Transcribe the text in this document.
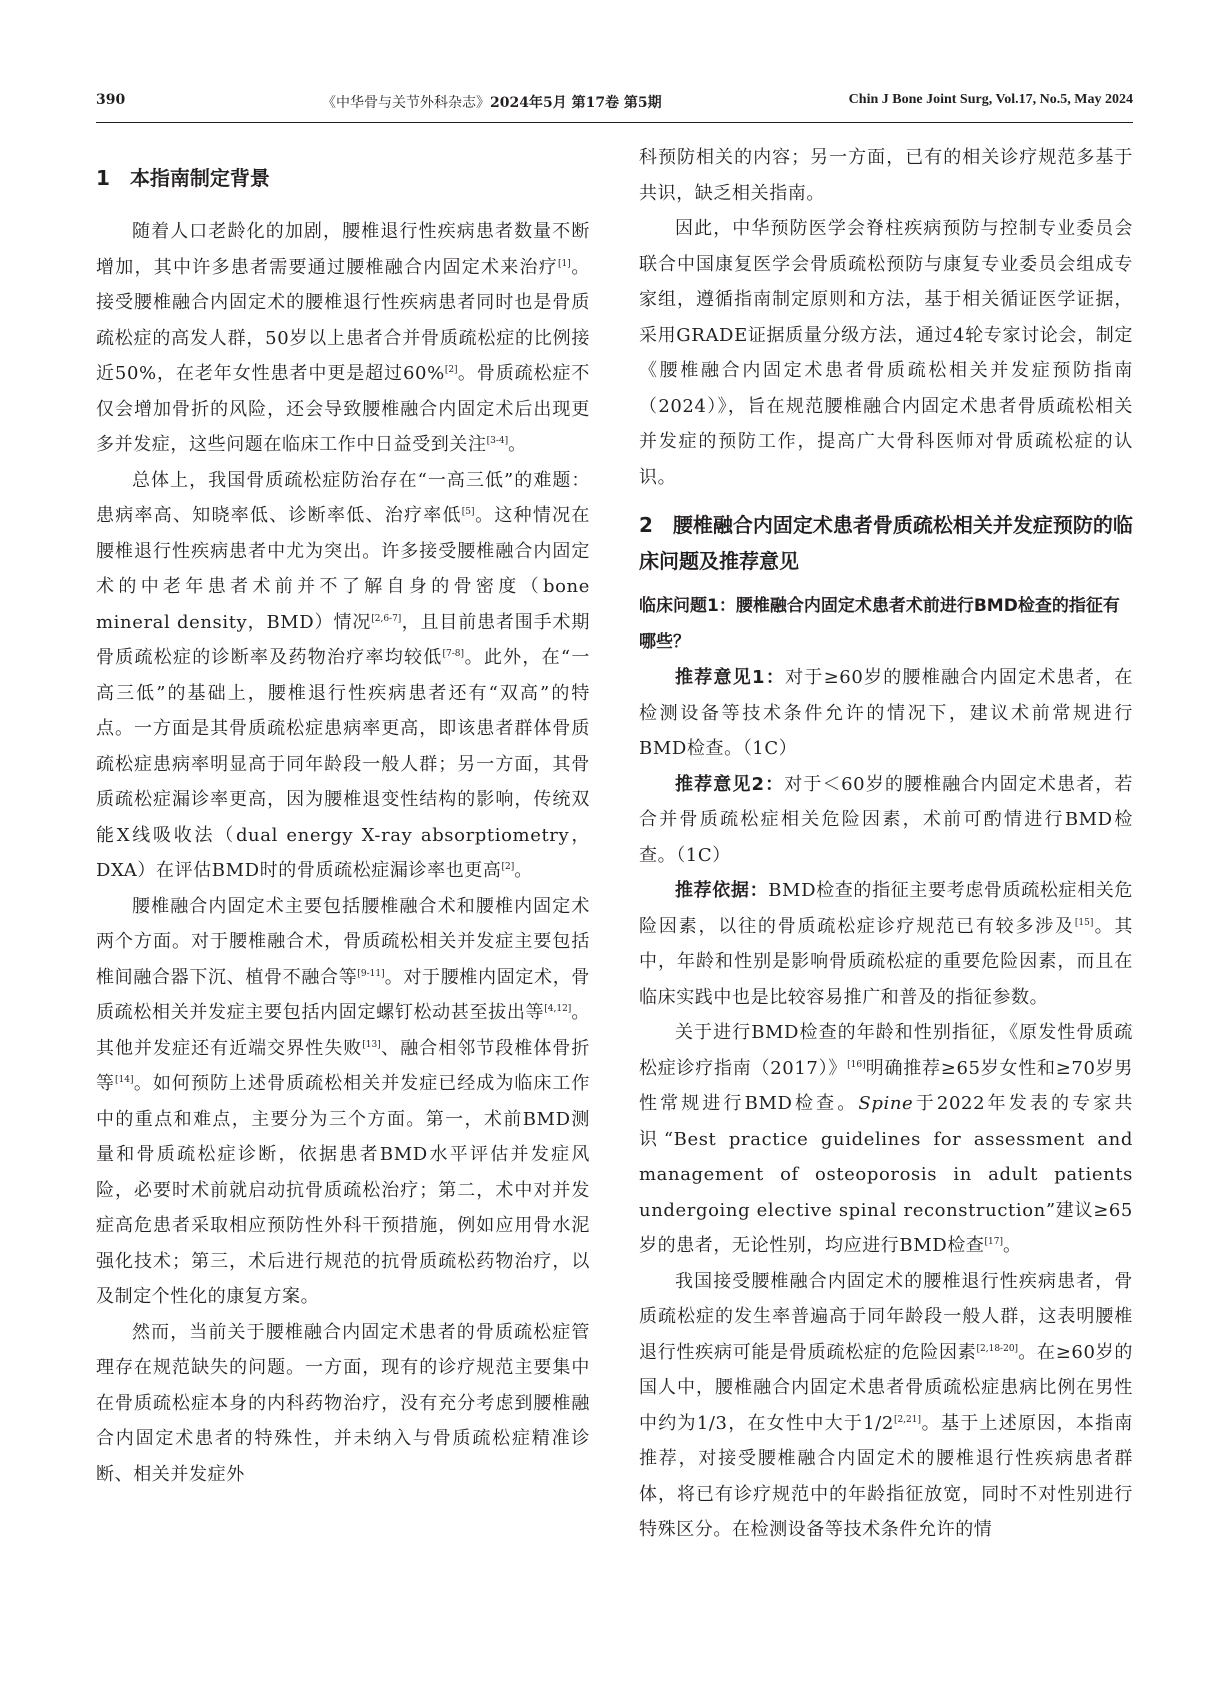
390	《中华骨与关节外科杂志》2024年5月 第17卷 第5期	Chin J Bone Joint Surg, Vol.17, No.5, May 2024
1　本指南制定背景

随着人口老龄化的加剧，腰椎退行性疾病患者数量不断增加，其中许多患者需要通过腰椎融合内固定术来治疗[1]。接受腰椎融合内固定术的腰椎退行性疾病患者同时也是骨质疏松症的高发人群，50岁以上患者合并骨质疏松症的比例接近50%，在老年女性患者中更是超过60%[2]。骨质疏松症不仅会增加骨折的风险，还会导致腰椎融合内固定术后出现更多并发症，这些问题在临床工作中日益受到关注[3-4]。

总体上，我国骨质疏松症防治存在“一高三低”的难题：患病率高、知晓率低、诊断率低、治疗率低[5]。这种情况在腰椎退行性疾病患者中尤为突出。许多接受腰椎融合内固定术的中老年患者术前并不了解自身的骨密度（bone mineral density，BMD）情况[2,6-7]，且目前患者围手术期骨质疏松症的诊断率及药物治疗率均较低[7-8]。此外，在“一高三低”的基础上，腰椎退行性疾病患者还有“双高”的特点。一方面是其骨质疏松症患病率更高，即该患者群体骨质疏松症患病率明显高于同年龄段一般人群；另一方面，其骨质疏松症漏诊率更高，因为腰椎退变性结构的影响，传统双能X线吸收法（dual energy X-ray absorptiometry，DXA）在评估BMD时的骨质疏松症漏诊率也更高[2]。

腰椎融合内固定术主要包括腰椎融合术和腰椎内固定术两个方面。对于腰椎融合术，骨质疏松相关并发症主要包括椎间融合器下沉、植骨不融合等[9-11]。对于腰椎内固定术，骨质疏松相关并发症主要包括内固定螺钉松动甚至拔出等[4,12]。其他并发症还有近端交界性失败[13]、融合相邻节段椎体骨折等[14]。如何预防上述骨质疏松相关并发症已经成为临床工作中的重点和难点，主要分为三个方面。第一，术前BMD测量和骨质疏松症诊断，依据患者BMD水平评估并发症风险，必要时术前就启动抗骨质疏松治疗；第二，术中对并发症高危患者采取相应预防性外科干预措施，例如应用骨水泥强化技术；第三，术后进行规范的抗骨质疏松药物治疗，以及制定个性化的康复方案。

然而，当前关于腰椎融合内固定术患者的骨质疏松症管理存在规范缺失的问题。一方面，现有的诊疗规范主要集中在骨质疏松症本身的内科药物治疗，没有充分考虑到腰椎融合内固定术患者的特殊性，并未纳入与骨质疏松症精准诊断、相关并发症外

科预防相关的内容；另一方面，已有的相关诊疗规范多基于共识，缺乏相关指南。

因此，中华预防医学会脊柱疾病预防与控制专业委员会联合中国康复医学会骨质疏松预防与康复专业委员会组成专家组，遵循指南制定原则和方法，基于相关循证医学证据，采用GRADE证据质量分级方法，通过4轮专家讨论会，制定《腰椎融合内固定术患者骨质疏松相关并发症预防指南（2024）》，旨在规范腰椎融合内固定术患者骨质疏松相关并发症的预防工作，提高广大骨科医师对骨质疏松症的认识。

2　腰椎融合内固定术患者骨质疏松相关并发症预防的临床问题及推荐意见

临床问题1：腰椎融合内固定术患者术前进行BMD检查的指征有哪些？

推荐意见1：对于≥60岁的腰椎融合内固定术患者，在检测设备等技术条件允许的情况下，建议术前常规进行BMD检查。（1C）

推荐意见2：对于＜60岁的腰椎融合内固定术患者，若合并骨质疏松症相关危险因素，术前可酌情进行BMD检查。（1C）

推荐依据：BMD检查的指征主要考虑骨质疏松症相关危险因素，以往的骨质疏松症诊疗规范已有较多涉及[15]。其中，年龄和性别是影响骨质疏松症的重要危险因素，而且在临床实践中也是比较容易推广和普及的指征参数。

关于进行BMD检查的年龄和性别指征，《原发性骨质疏松症诊疗指南（2017）》[16]明确推荐≥65岁女性和≥70岁男性常规进行BMD检查。Spine于2022年发表的专家共识“Best practice guidelines for assessment and management of osteoporosis in adult patients undergoing elective spinal reconstruction”建议≥65岁的患者，无论性别，均应进行BMD检查[17]。

我国接受腰椎融合内固定术的腰椎退行性疾病患者，骨质疏松症的发生率普遍高于同年龄段一般人群，这表明腰椎退行性疾病可能是骨质疏松症的危险因素[2,18-20]。在≥60岁的国人中，腰椎融合内固定术患者骨质疏松症患病比例在男性中约为1/3，在女性中大于1/2[2,21]。基于上述原因，本指南推荐，对接受腰椎融合内固定术的腰椎退行性疾病患者群体，将已有诊疗规范中的年龄指征放宽，同时不对性别进行特殊区分。在检测设备等技术条件允许的情
